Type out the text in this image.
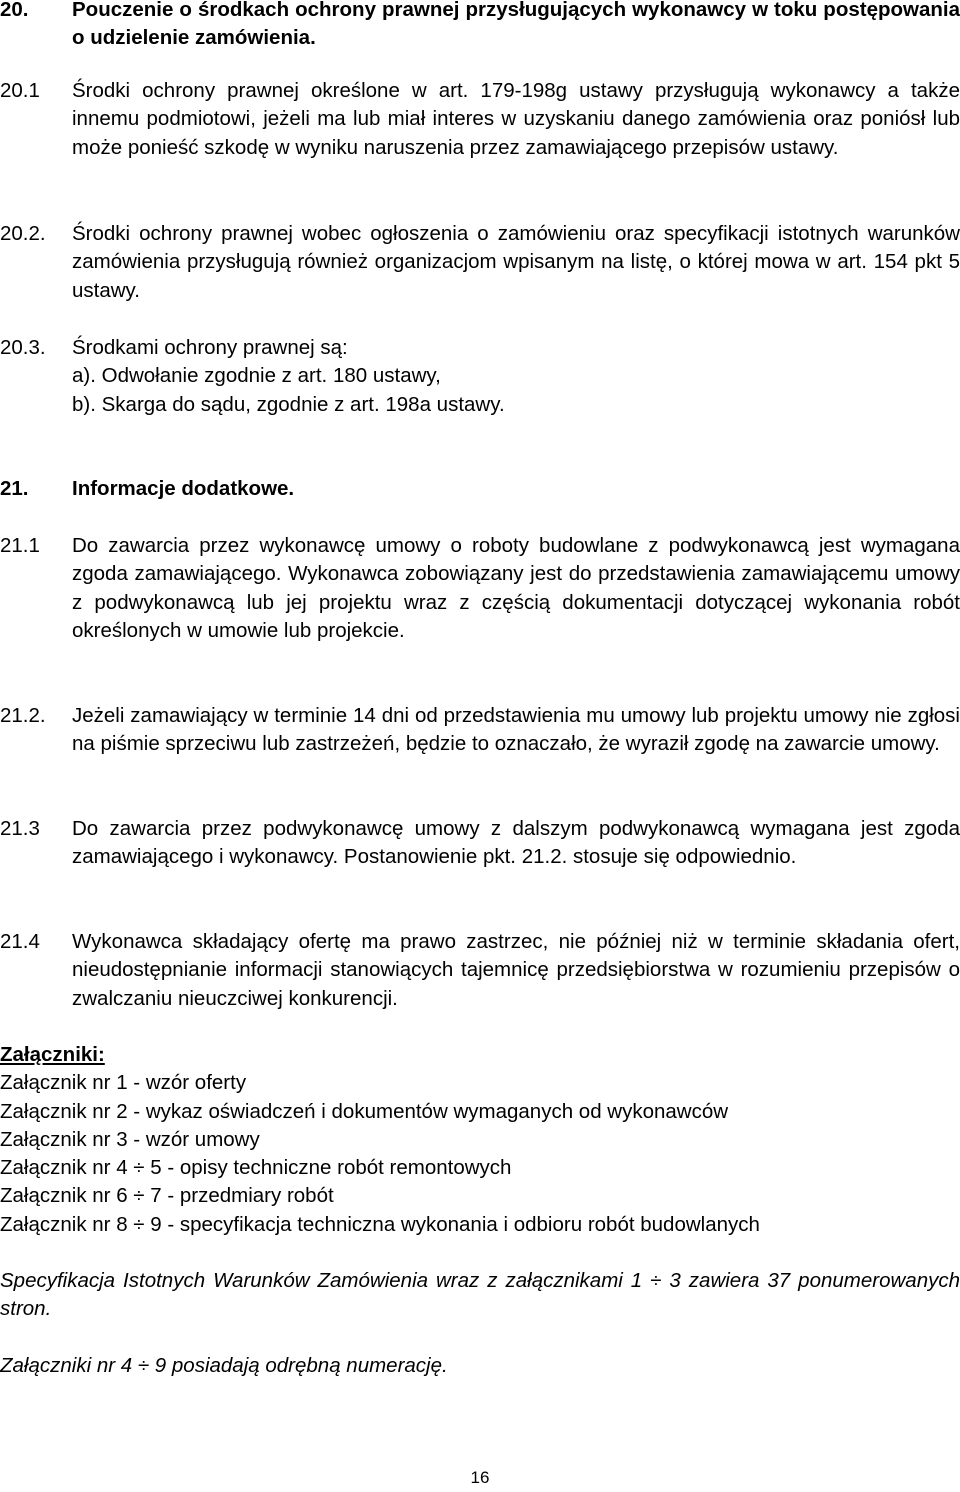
20.	Pouczenie o środkach ochrony prawnej przysługujących wykonawcy w toku postępowania o udzielenie zamówienia.
20.1	Środki ochrony prawnej określone w art. 179-198g ustawy przysługują wykonawcy a także innemu podmiotowi, jeżeli ma lub miał interes w uzyskaniu danego zamówienia oraz poniósł lub może ponieść szkodę w wyniku naruszenia przez zamawiającego przepisów ustawy.
20.2.	Środki ochrony prawnej wobec ogłoszenia o zamówieniu oraz specyfikacji istotnych warunków zamówienia przysługują również organizacjom wpisanym na listę, o której mowa w art. 154 pkt 5 ustawy.
20.3.	Środkami ochrony prawnej są:
a). Odwołanie zgodnie z art. 180 ustawy,
b). Skarga do sądu, zgodnie z art. 198a ustawy.
21.	Informacje dodatkowe.
21.1	Do zawarcia przez wykonawcę umowy o roboty budowlane z podwykonawcą jest wymagana zgoda zamawiającego. Wykonawca zobowiązany jest do przedstawienia zamawiającemu umowy z podwykonawcą lub jej projektu wraz z częścią dokumentacji dotyczącej wykonania robót określonych w umowie lub projekcie.
21.2.	Jeżeli zamawiający w terminie 14 dni od przedstawienia mu umowy lub projektu umowy nie zgłosi na piśmie sprzeciwu lub zastrzeżeń, będzie to oznaczało, że wyraził zgodę na zawarcie umowy.
21.3	Do zawarcia przez podwykonawcę umowy z dalszym podwykonawcą wymagana jest zgoda zamawiającego i wykonawcy. Postanowienie pkt. 21.2. stosuje się odpowiednio.
21.4	Wykonawca składający ofertę ma prawo zastrzec, nie później niż w terminie składania ofert, nieudostępnianie informacji stanowiących tajemnicę przedsiębiorstwa w rozumieniu przepisów o zwalczaniu nieuczciwej konkurencji.
Załączniki:
Załącznik nr 1 - wzór oferty
Załącznik nr 2 - wykaz oświadczeń i dokumentów wymaganych od wykonawców
Załącznik nr 3 - wzór umowy
Załącznik nr 4 ÷ 5 - opisy techniczne robót remontowych
Załącznik nr 6 ÷ 7 - przedmiary robót
Załącznik nr 8 ÷ 9 - specyfikacja techniczna wykonania i odbioru robót budowlanych
Specyfikacja Istotnych Warunków Zamówienia wraz z załącznikami 1 ÷ 3 zawiera 37 ponumerowanych stron.
Załączniki nr 4 ÷ 9 posiadają odrębną numerację.
16
